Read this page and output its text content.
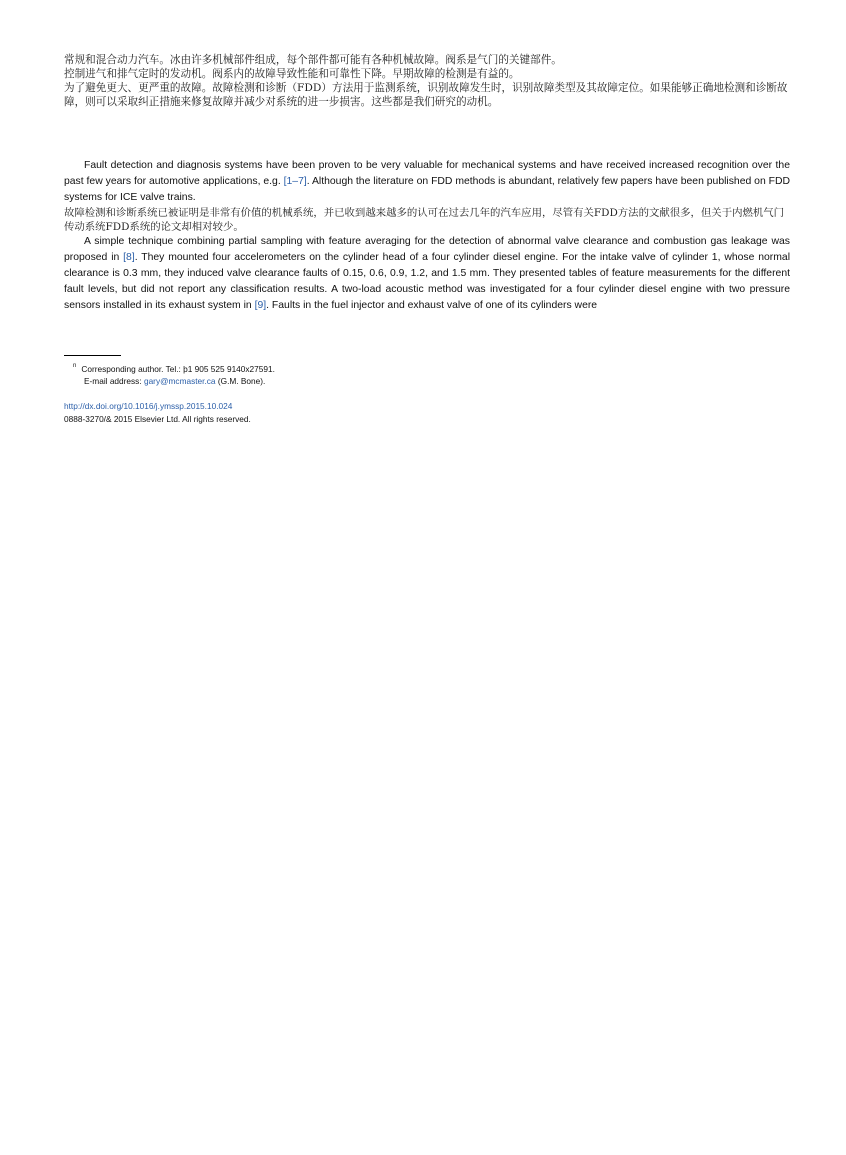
常规和混合动力汽车。冰由许多机械部件组成，每个部件都可能有各种机械故障。阀系是气门的关键部件。

控制进气和排气定时的发动机。阀系内的故障导致性能和可靠性下降。早期故障的检测是有益的。

为了避免更大、更严重的故障。故障检测和诊断（FDD）方法用于监测系统，识别故障发生时，识别故障类型及其故障定位。如果能够正确地检测和诊断故障，则可以采取纠正措施来修复故障并减少对系统的进一步损害。这些都是我们研究的动机。

Fault detection and diagnosis systems have been proven to be very valuable for mechanical systems and have received increased recognition over the past few years for automotive applications, e.g. [1–7]. Although the literature on FDD methods is abundant, relatively few papers have been published on FDD systems for ICE valve trains.

故障检测和诊断系统已被证明是非常有价值的机械系统，并已收到越来越多的认可在过去几年的汽车应用，尽管有关FDD方法的文献很多，但关于内燃机气门传动系统FDD系统的论文却相对较少。

A simple technique combining partial sampling with feature averaging for the detection of abnormal valve clearance and combustion gas leakage was proposed in [8]. They mounted four accelerometers on the cylinder head of a four cylinder diesel engine. For the intake valve of cylinder 1, whose normal clearance is 0.3 mm, they induced valve clearance faults of 0.15, 0.6, 0.9, 1.2, and 1.5 mm. They presented tables of feature measurements for the different fault levels, but did not report any classification results. A two-load acoustic method was investigated for a four cylinder diesel engine with two pressure sensors installed in its exhaust system in [9]. Faults in the fuel injector and exhaust valve of one of its cylinders were

$^n$ Corresponding author. Tel.: þ1 905 525 9140x27591.

E-mail address: gary@mcmaster.ca (G.M. Bone).

http://dx.doi.org/10.1016/j.ymssp.2015.10.024
0888-3270/& 2015 Elsevier Ltd. All rights reserved.
